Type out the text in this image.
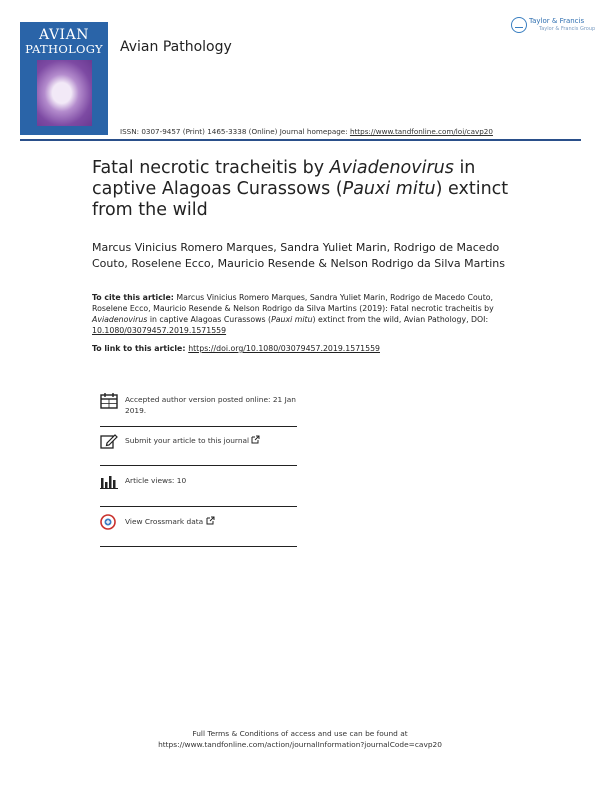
AVIAN
PATHOLOGY	Avian Pathology
Taylor & Francis
Taylor & Francis Group
ISSN: 0307-9457 (Print) 1465-3338 (Online) Journal homepage: https://www.tandfonline.com/loi/cavp20
Fatal necrotic tracheitis by Aviadenovirus in captive Alagoas Curassows (Pauxi mitu) extinct from the wild
Marcus Vinicius Romero Marques, Sandra Yuliet Marin, Rodrigo de Macedo Couto, Roselene Ecco, Mauricio Resende & Nelson Rodrigo da Silva Martins
To cite this article: Marcus Vinicius Romero Marques, Sandra Yuliet Marin, Rodrigo de Macedo Couto, Roselene Ecco, Mauricio Resende & Nelson Rodrigo da Silva Martins (2019): Fatal necrotic tracheitis by Aviadenovirus in captive Alagoas Curassows (Pauxi mitu) extinct from the wild, Avian Pathology, DOI: 10.1080/03079457.2019.1571559
To link to this article: https://doi.org/10.1080/03079457.2019.1571559
Accepted author version posted online: 21 Jan 2019.
Submit your article to this journal
Article views: 10
View Crossmark data
Full Terms & Conditions of access and use can be found at
https://www.tandfonline.com/action/journalInformation?journalCode=cavp20
